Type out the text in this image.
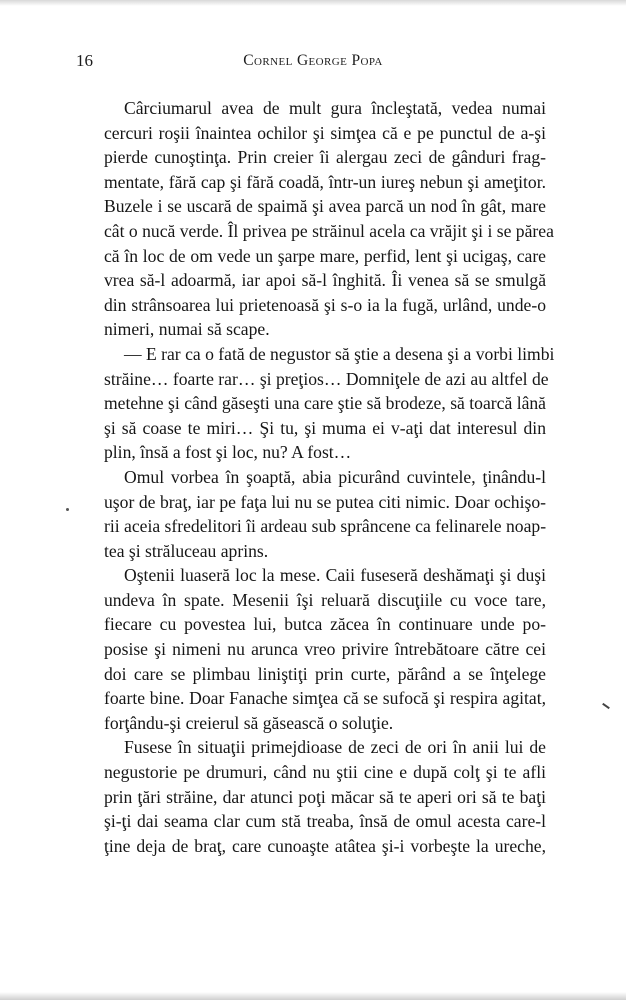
16	Cornel George Popa

Cârciumarul avea de mult gura încleştată, vedea numai
cercuri roşii înaintea ochilor şi simţea că e pe punctul de a-şi
pierde cunoştinţa. Prin creier îi alergau zeci de gânduri frag-
mentate, fără cap şi fără coadă, într-un iureş nebun şi ameţitor.
Buzele i se uscară de spaimă şi avea parcă un nod în gât, mare
cât o nucă verde. Îl privea pe străinul acela ca vrăjit şi i se părea
că în loc de om vede un şarpe mare, perfid, lent şi ucigaş, care
vrea să-l adoarmă, iar apoi să-l înghită. Îi venea să se smulgă
din strânsoarea lui prietenoasă şi s-o ia la fugă, urlând, unde-o
nimeri, numai să scape.

— E rar ca o fată de negustor să ştie a desena şi a vorbi limbi
străine… foarte rar… şi preţios… Domniţele de azi au altfel de
metehne şi când găseşti una care ştie să brodeze, să toarcă lână
şi să coase te miri… Şi tu, şi muma ei v-aţi dat interesul din
plin, însă a fost şi loc, nu? A fost…

Omul vorbea în şoaptă, abia picurând cuvintele, ţinându-l
uşor de braţ, iar pe faţa lui nu se putea citi nimic. Doar ochişo-
rii aceia sfredelitori îi ardeau sub sprâncene ca felinarele noap-
tea şi străluceau aprins.

Oştenii luaseră loc la mese. Caii fuseseră deshămaţi şi duşi
undeva în spate. Mesenii îşi reluară discuţiile cu voce tare,
fiecare cu povestea lui, butca zăcea în continuare unde po-
posise şi nimeni nu arunca vreo privire întrebătoare către cei
doi care se plimbau liniştiţi prin curte, părând a se înţelege
foarte bine. Doar Fanache simţea că se sufocă şi respira agitat,
forţându-şi creierul să găsească o soluţie.

Fusese în situaţii primejdioase de zeci de ori în anii lui de
negustorie pe drumuri, când nu ştii cine e după colţ şi te afli
prin ţări străine, dar atunci poţi măcar să te aperi ori să te baţi
şi-ţi dai seama clar cum stă treaba, însă de omul acesta care-l
ţine deja de braţ, care cunoaşte atâtea şi-i vorbeşte la ureche,
